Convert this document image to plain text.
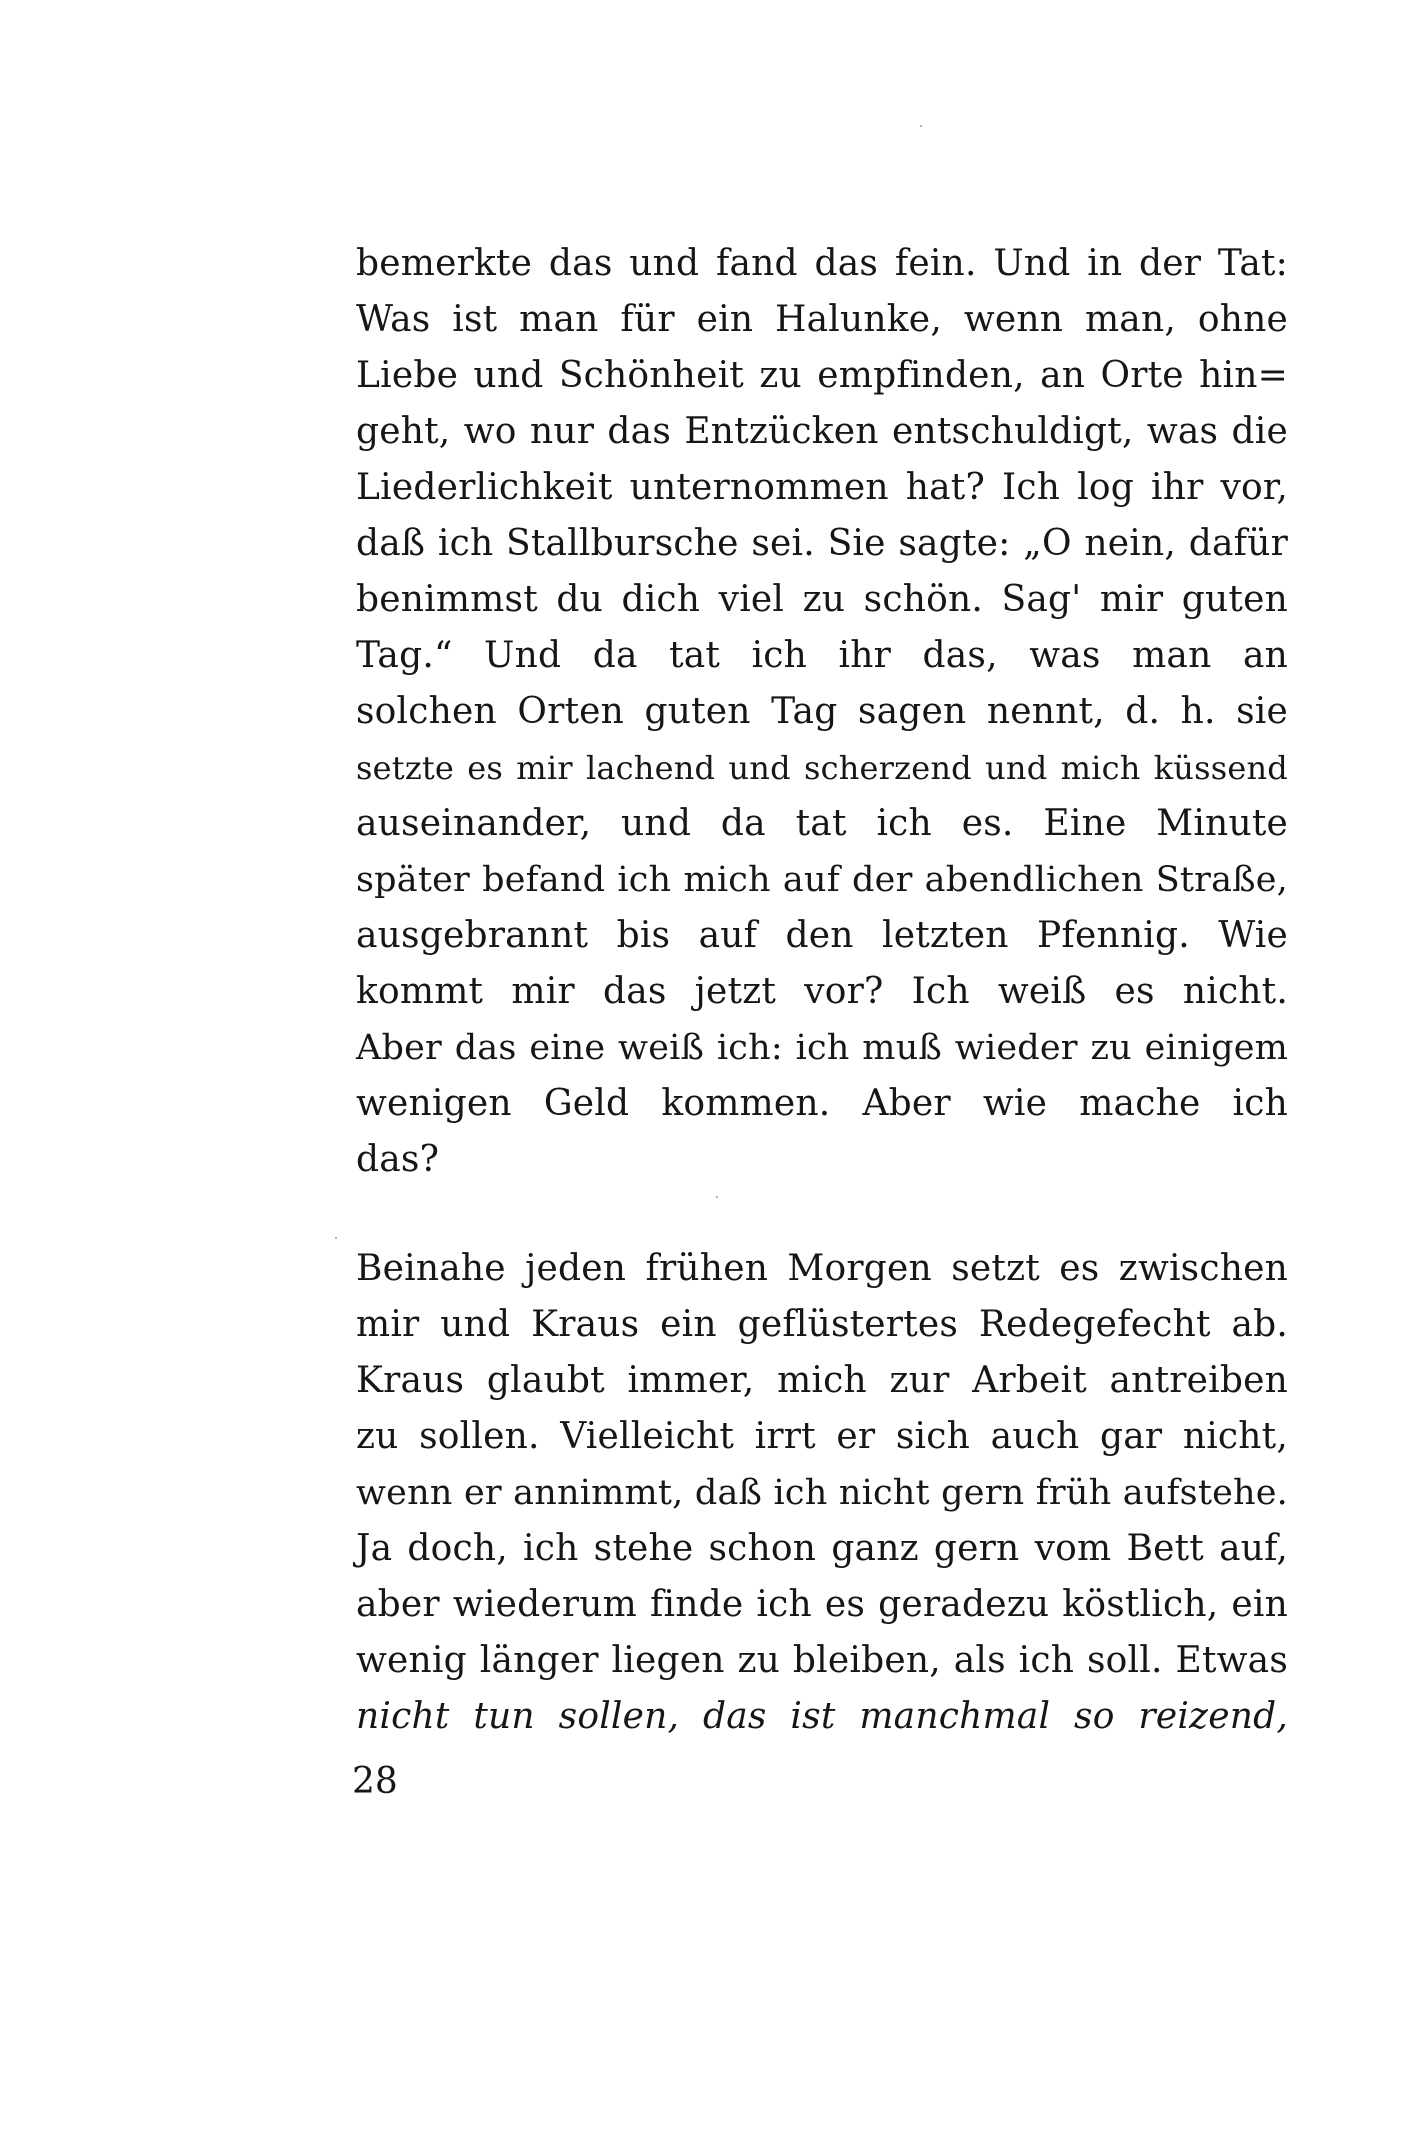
bemerkte das und fand das fein. Und in der Tat:
Was ist man für ein Halunke, wenn man, ohne
Liebe und Schönheit zu empfinden, an Orte hin=
geht, wo nur das Entzücken entschuldigt, was die
Liederlichkeit unternommen hat? Ich log ihr vor,
daß ich Stallbursche sei. Sie sagte: „O nein, dafür
benimmst du dich viel zu schön. Sag' mir guten
Tag.“ Und da tat ich ihr das, was man an
solchen Orten guten Tag sagen nennt, d. h. sie
setzte es mir lachend und scherzend und mich küssend
auseinander, und da tat ich es. Eine Minute
später befand ich mich auf der abendlichen Straße,
ausgebrannt bis auf den letzten Pfennig. Wie
kommt mir das jetzt vor? Ich weiß es nicht.
Aber das eine weiß ich: ich muß wieder zu einigem
wenigen Geld kommen. Aber wie mache ich
das?
Beinahe jeden frühen Morgen setzt es zwischen
mir und Kraus ein geflüstertes Redegefecht ab.
Kraus glaubt immer, mich zur Arbeit antreiben
zu sollen. Vielleicht irrt er sich auch gar nicht,
wenn er annimmt, daß ich nicht gern früh aufstehe.
Ja doch, ich stehe schon ganz gern vom Bett auf,
aber wiederum finde ich es geradezu köstlich, ein
wenig länger liegen zu bleiben, als ich soll. Etwas
nicht tun sollen, das ist manchmal so reizend,
28
